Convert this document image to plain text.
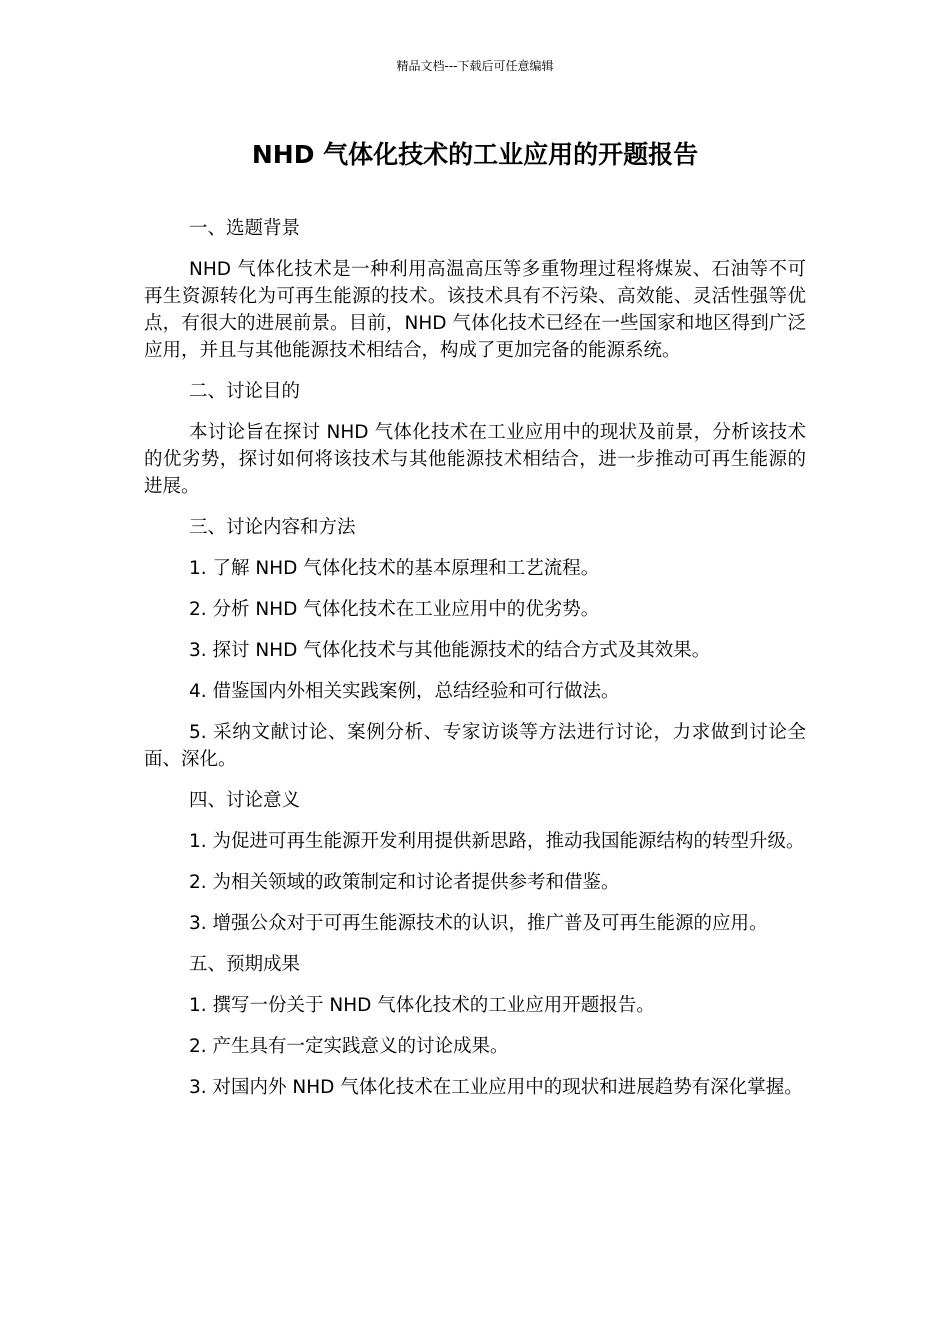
精品文档---下载后可任意编辑
NHD 气体化技术的工业应用的开题报告

一、选题背景

NHD 气体化技术是一种利用高温高压等多重物理过程将煤炭、石油等不可再生资源转化为可再生能源的技术。该技术具有不污染、高效能、灵活性强等优点，有很大的进展前景。目前，NHD 气体化技术已经在一些国家和地区得到广泛应用，并且与其他能源技术相结合，构成了更加完备的能源系统。

二、讨论目的

本讨论旨在探讨 NHD 气体化技术在工业应用中的现状及前景，分析该技术的优劣势，探讨如何将该技术与其他能源技术相结合，进一步推动可再生能源的进展。

三、讨论内容和方法

1. 了解 NHD 气体化技术的基本原理和工艺流程。

2. 分析 NHD 气体化技术在工业应用中的优劣势。

3. 探讨 NHD 气体化技术与其他能源技术的结合方式及其效果。

4. 借鉴国内外相关实践案例，总结经验和可行做法。

5. 采纳文献讨论、案例分析、专家访谈等方法进行讨论，力求做到讨论全面、深化。

四、讨论意义

1. 为促进可再生能源开发利用提供新思路，推动我国能源结构的转型升级。

2. 为相关领域的政策制定和讨论者提供参考和借鉴。

3. 增强公众对于可再生能源技术的认识，推广普及可再生能源的应用。

五、预期成果

1. 撰写一份关于 NHD 气体化技术的工业应用开题报告。

2. 产生具有一定实践意义的讨论成果。

3. 对国内外 NHD 气体化技术在工业应用中的现状和进展趋势有深化掌握。
